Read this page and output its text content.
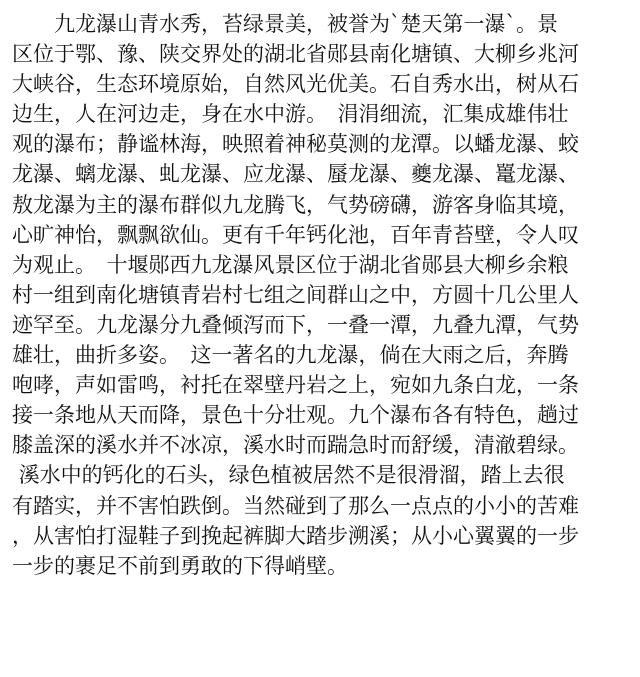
　　九龙瀑山青水秀，苔绿景美，被誉为`楚天第一瀑`。景
区位于鄂、豫、陕交界处的湖北省郧县南化塘镇、大柳乡兆河
大峡谷，生态环境原始，自然风光优美。石自秀水出，树从石
边生，人在河边走，身在水中游。　涓涓细流，汇集成雄伟壮
观的瀑布；静谧林海，映照着神秘莫测的龙潭。以蟠龙瀑、蛟
龙瀑、螭龙瀑、虬龙瀑、应龙瀑、蜃龙瀑、夔龙瀑、鼍龙瀑、
敖龙瀑为主的瀑布群似九龙腾飞，气势磅礴，游客身临其境，
心旷神怡，飘飘欲仙。更有千年钙化池，百年青苔壁，令人叹
为观止。　十堰郧西九龙瀑风景区位于湖北省郧县大柳乡余粮
村一组到南化塘镇青岩村七组之间群山之中，方圆十几公里人
迹罕至。九龙瀑分九叠倾泻而下，一叠一潭，九叠九潭，气势
雄壮，曲折多姿。　这一著名的九龙瀑，倘在大雨之后，奔腾
咆哮，声如雷鸣，衬托在翠壁丹岩之上，宛如九条白龙，一条
接一条地从天而降，景色十分壮观。九个瀑布各有特色，趟过
膝盖深的溪水并不冰凉，溪水时而踹急时而舒缓，清澈碧绿。
溪水中的钙化的石头，绿色植被居然不是很滑溜，踏上去很
有踏实，并不害怕跌倒。当然碰到了那么一点点的小小的苦难
，从害怕打湿鞋子到挽起裤脚大踏步溯溪；从小心翼翼的一步
一步的裹足不前到勇敢的下得峭壁。
